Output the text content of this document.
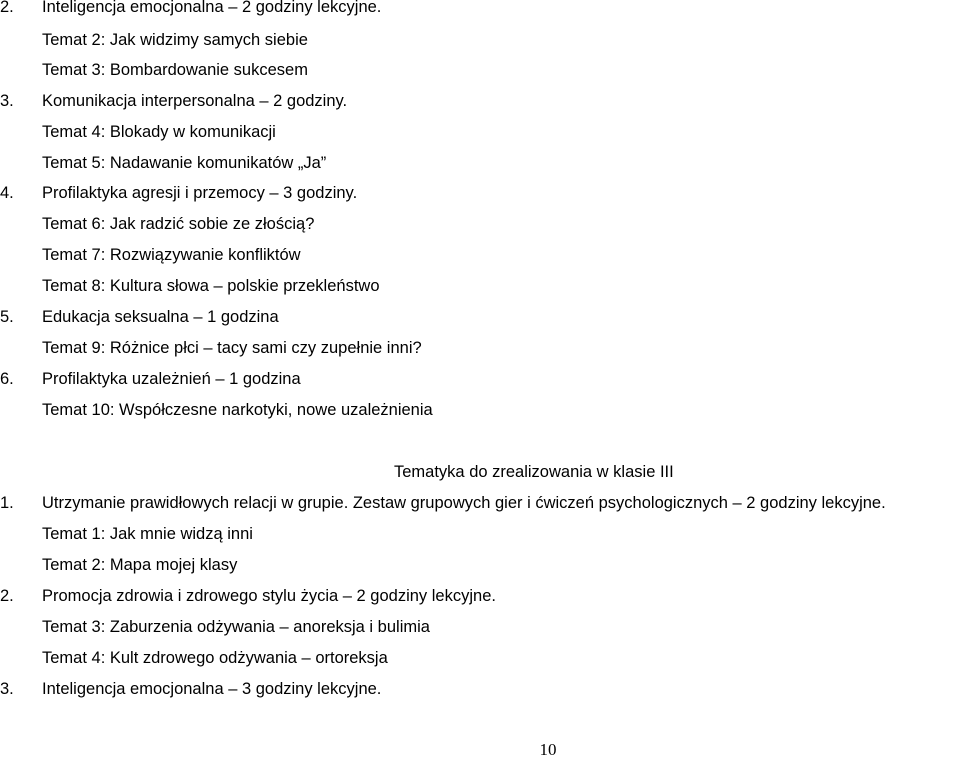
2. Inteligencja emocjonalna – 2 godziny lekcyjne.
Temat 2: Jak widzimy samych siebie
Temat 3: Bombardowanie sukcesem
3. Komunikacja interpersonalna – 2 godziny.
Temat 4: Blokady w komunikacji
Temat 5: Nadawanie komunikatów „Ja”
4. Profilaktyka agresji i przemocy – 3 godziny.
Temat 6: Jak radzić sobie ze złością?
Temat 7: Rozwiązywanie konfliktów
Temat 8: Kultura słowa – polskie przekleństwo
5. Edukacja seksualna – 1 godzina
Temat 9: Różnice płci – tacy sami czy zupełnie inni?
6. Profilaktyka uzależnień – 1 godzina
Temat 10: Współczesne narkotyki, nowe uzależnienia
Tematyka do zrealizowania w klasie III
1. Utrzymanie prawidłowych relacji w grupie. Zestaw grupowych gier i ćwiczeń psychologicznych – 2 godziny lekcyjne.
Temat 1: Jak mnie widzą inni
Temat 2: Mapa mojej klasy
2. Promocja zdrowia i zdrowego stylu życia – 2 godziny lekcyjne.
Temat 3: Zaburzenia odżywania – anoreksja i bulimia
Temat 4: Kult zdrowego odżywania – ortoreksja
3. Inteligencja emocjonalna – 3 godziny lekcyjne.
10
